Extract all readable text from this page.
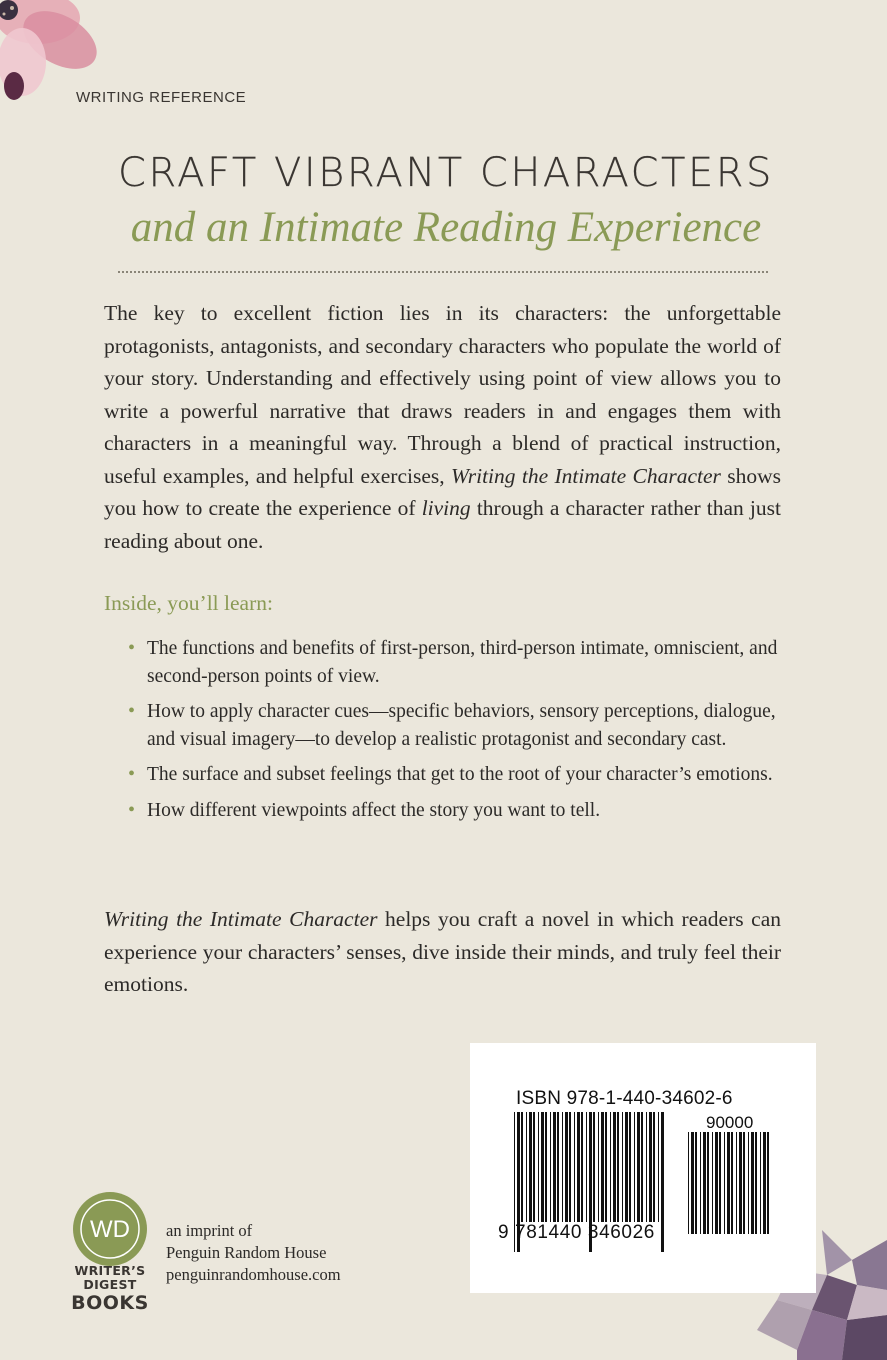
WRITING REFERENCE
CRAFT VIBRANT CHARACTERS
and an Intimate Reading Experience

The key to excellent fiction lies in its characters: the unforgettable protagonists, antagonists, and secondary characters who populate the world of your story. Understanding and effectively using point of view allows you to write a powerful narrative that draws readers in and engages them with characters in a meaningful way. Through a blend of practical instruction, useful examples, and helpful exercises, Writing the Intimate Character shows you how to create the experience of living through a character rather than just reading about one.

Inside, you’ll learn:

• The functions and benefits of first-person, third-person intimate, omniscient, and second-person points of view.
• How to apply character cues—specific behaviors, sensory perceptions, dialogue, and visual imagery—to develop a realistic protagonist and secondary cast.
• The surface and subset feelings that get to the root of your character’s emotions.
• How different viewpoints affect the story you want to tell.

Writing the Intimate Character helps you craft a novel in which readers can experience your characters’ senses, dive inside their minds, and truly feel their emotions.

ISBN 978-1-440-34602-6
90000
9 781440 346026
WD
WRITER’S
DIGEST
BOOKS
an imprint of
Penguin Random House
penguinrandomhouse.com
